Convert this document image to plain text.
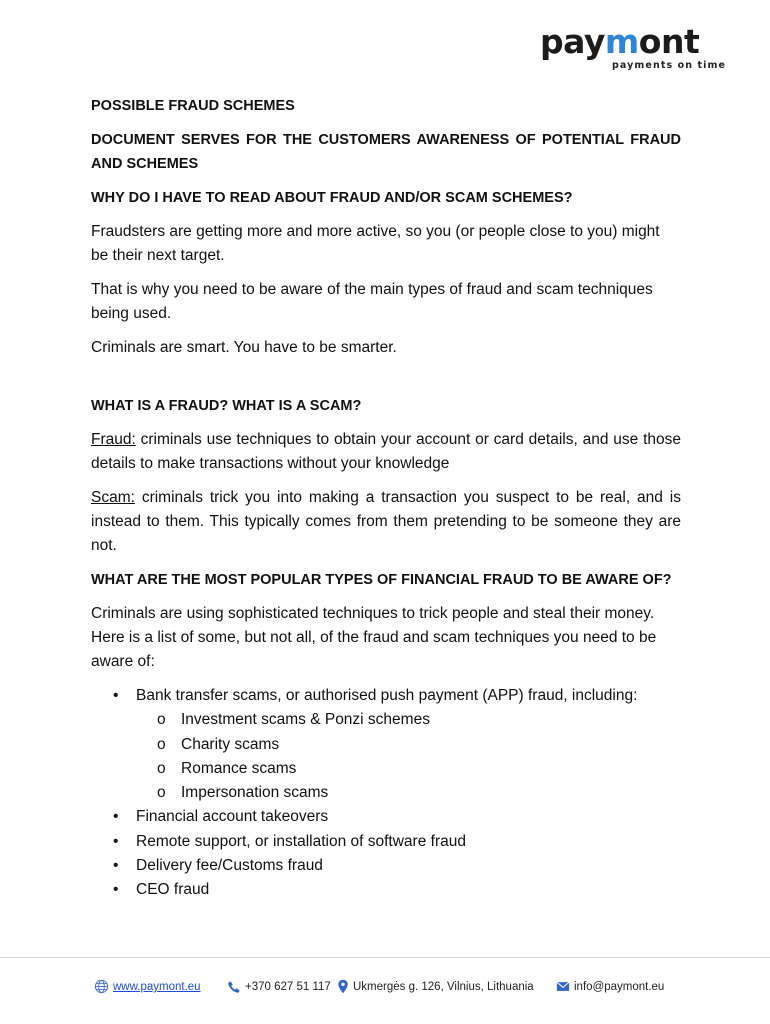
paymont
payments on time
POSSIBLE FRAUD SCHEMES
DOCUMENT SERVES FOR THE CUSTOMERS AWARENESS OF POTENTIAL FRAUD AND SCHEMES
WHY DO I HAVE TO READ ABOUT FRAUD AND/OR SCAM SCHEMES?
Fraudsters are getting more and more active, so you (or people close to you) might be their next target.
That is why you need to be aware of the main types of fraud and scam techniques being used.
Criminals are smart. You have to be smarter.
WHAT IS A FRAUD? WHAT IS A SCAM?
Fraud: criminals use techniques to obtain your account or card details, and use those details to make transactions without your knowledge
Scam: criminals trick you into making a transaction you suspect to be real, and is instead to them. This typically comes from them pretending to be someone they are not.
WHAT ARE THE MOST POPULAR TYPES OF FINANCIAL FRAUD TO BE AWARE OF?
Criminals are using sophisticated techniques to trick people and steal their money. Here is a list of some, but not all, of the fraud and scam techniques you need to be aware of:
• Bank transfer scams, or authorised push payment (APP) fraud, including:
o Investment scams & Ponzi schemes
o Charity scams
o Romance scams
o Impersonation scams
• Financial account takeovers
• Remote support, or installation of software fraud
• Delivery fee/Customs fraud
• CEO fraud
www.paymont.eu	+370 627 51 117	Ukmergės g. 126, Vilnius, Lithuania	info@paymont.eu
